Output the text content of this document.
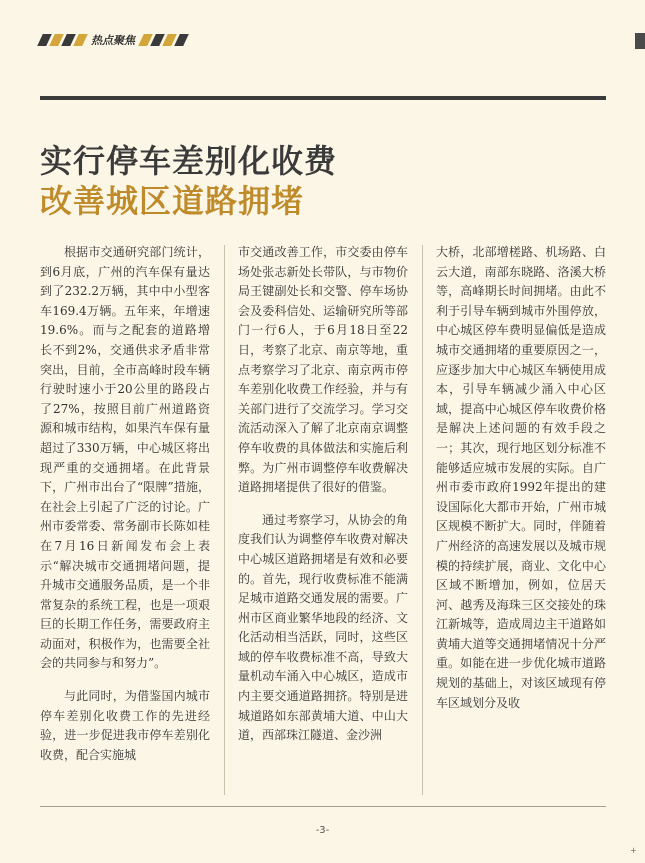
热点聚焦
实行停车差别化收费
改善城区道路拥堵

根据市交通研究部门统计，到6月底，广州的汽车保有量达到了232.2万辆，其中中小型客车169.4万辆。五年来，年增速19.6%。而与之配套的道路增长不到2%，交通供求矛盾非常突出，目前，全市高峰时段车辆行驶时速小于20公里的路段占了27%，按照目前广州道路资源和城市结构，如果汽车保有量超过了330万辆，中心城区将出现严重的交通拥堵。在此背景下，广州市出台了“限牌”措施，在社会上引起了广泛的讨论。广州市委常委、常务副市长陈如桂在7月16日新闻发布会上表示“解决城市交通拥堵问题，提升城市交通服务品质，是一个非常复杂的系统工程，也是一项艰巨的长期工作任务，需要政府主动面对，积极作为，也需要全社会的共同参与和努力”。

与此同时，为借鉴国内城市停车差别化收费工作的先进经验，进一步促进我市停车差别化收费，配合实施城

市交通改善工作，市交委由停车场处张志新处长带队，与市物价局王键副处长和交警、停车场协会及委科信处、运输研究所等部门一行6人，于6月18日至22日，考察了北京、南京等地，重点考察学习了北京、南京两市停车差别化收费工作经验，并与有关部门进行了交流学习。学习交流活动深入了解了北京南京调整停车收费的具体做法和实施后利弊。为广州市调整停车收费解决道路拥堵提供了很好的借鉴。

通过考察学习，从协会的角度我们认为调整停车收费对解决中心城区道路拥堵是有效和必要的。首先，现行收费标准不能满足城市道路交通发展的需要。广州市区商业繁华地段的经济、文化活动相当活跃，同时，这些区域的停车收费标准不高，导致大量机动车涌入中心城区，造成市内主要交通道路拥挤。特别是进城道路如东部黄埔大道、中山大道，西部珠江隧道、金沙洲

大桥，北部增槎路、机场路、白云大道，南部东晓路、洛溪大桥等，高峰期长时间拥堵。由此不利于引导车辆到城市外围停放，中心城区停车费明显偏低是造成城市交通拥堵的重要原因之一，应逐步加大中心城区车辆使用成本，引导车辆减少涌入中心区域，提高中心城区停车收费价格是解决上述问题的有效手段之一；其次，现行地区划分标准不能够适应城市发展的实际。自广州市委市政府1992年提出的建设国际化大都市开始，广州市城区规模不断扩大。同时，伴随着广州经济的高速发展以及城市规模的持续扩展，商业、文化中心区域不断增加，例如，位居天河、越秀及海珠三区交接处的珠江新城等，造成周边主干道路如黄埔大道等交通拥堵情况十分严重。如能在进一步优化城市道路规划的基础上，对该区域现有停车区域划分及收

-3-
+
